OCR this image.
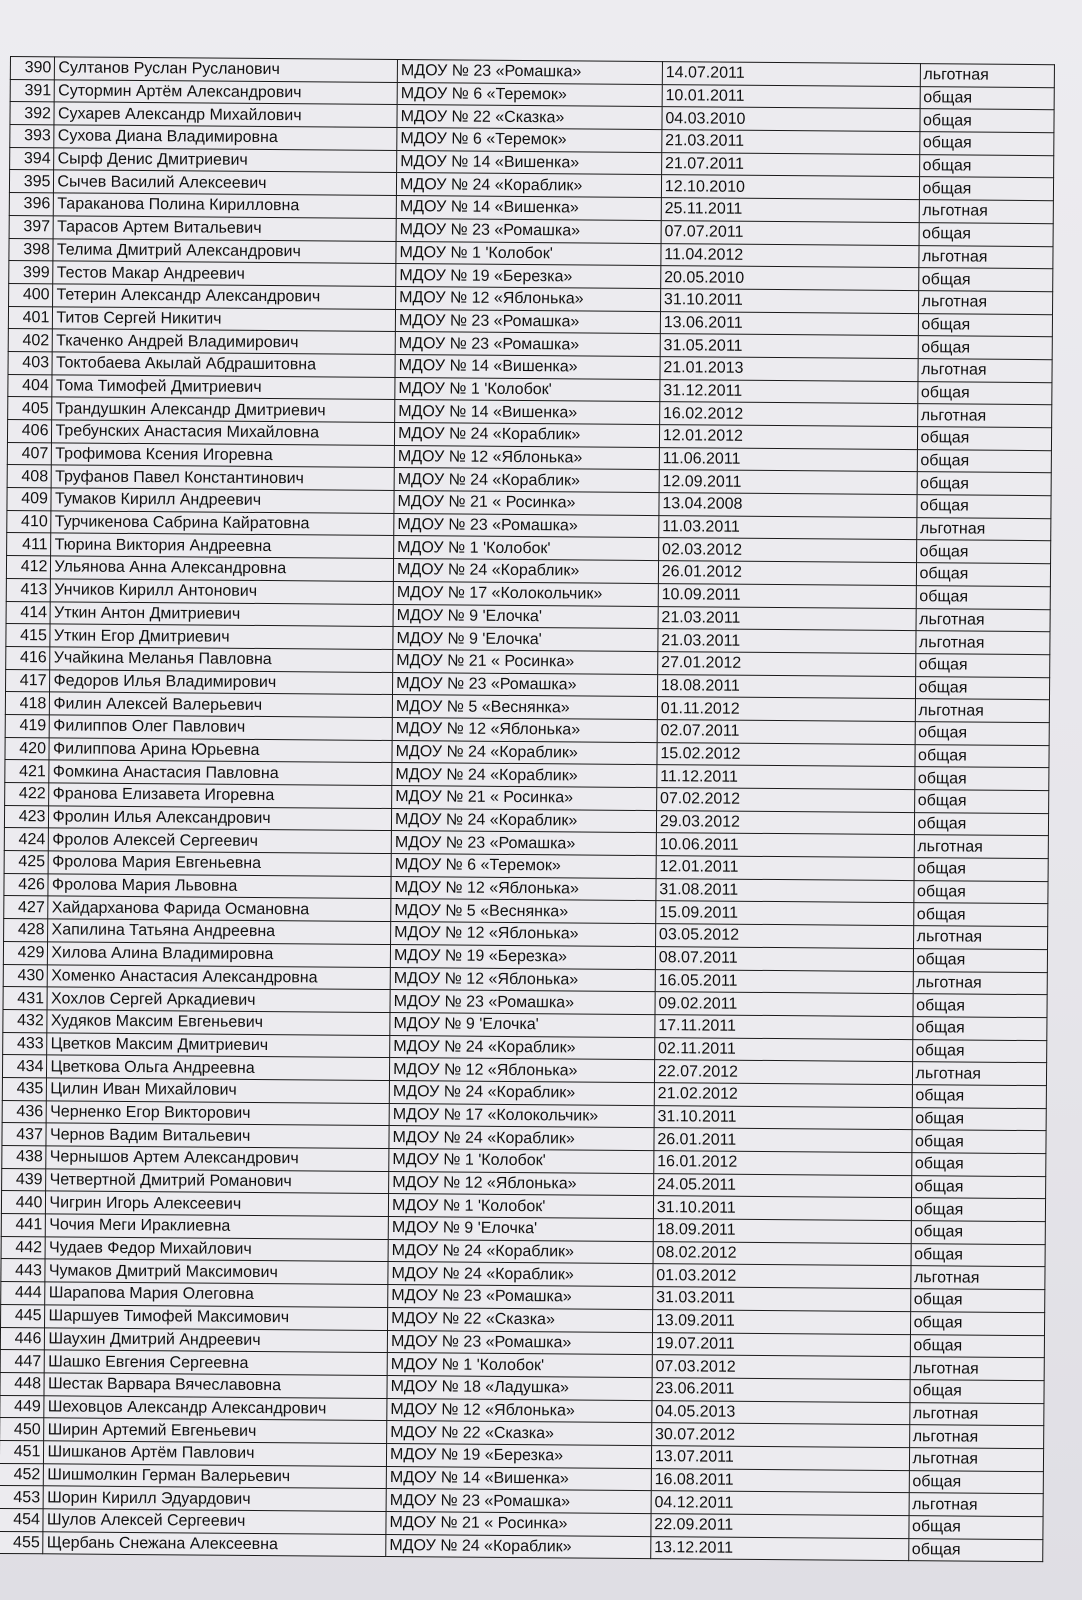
390	Султанов Руслан Русланович	МДОУ № 23 «Ромашка»	14.07.2011	льготная
391	Сутормин Артём Александрович	МДОУ № 6 «Теремок»	10.01.2011	общая
392	Сухарев Александр Михайлович	МДОУ № 22 «Сказка»	04.03.2010	общая
393	Сухова Диана Владимировна	МДОУ № 6 «Теремок»	21.03.2011	общая
394	Сырф Денис Дмитриевич	МДОУ № 14 «Вишенка»	21.07.2011	общая
395	Сычев Василий Алексеевич	МДОУ № 24 «Кораблик»	12.10.2010	общая
396	Тараканова Полина Кирилловна	МДОУ № 14 «Вишенка»	25.11.2011	льготная
397	Тарасов Артем Витальевич	МДОУ № 23 «Ромашка»	07.07.2011	общая
398	Телима Дмитрий Александрович	МДОУ № 1 'Колобок'	11.04.2012	льготная
399	Тестов Макар Андреевич	МДОУ № 19 «Березка»	20.05.2010	общая
400	Тетерин Александр Александрович	МДОУ № 12 «Яблонька»	31.10.2011	льготная
401	Титов Сергей Никитич	МДОУ № 23 «Ромашка»	13.06.2011	общая
402	Ткаченко Андрей Владимирович	МДОУ № 23 «Ромашка»	31.05.2011	общая
403	Токтобаева Акылай Абдрашитовна	МДОУ № 14 «Вишенка»	21.01.2013	льготная
404	Тома Тимофей Дмитриевич	МДОУ № 1 'Колобок'	31.12.2011	общая
405	Трандушкин Александр Дмитриевич	МДОУ № 14 «Вишенка»	16.02.2012	льготная
406	Требунских Анастасия Михайловна	МДОУ № 24 «Кораблик»	12.01.2012	общая
407	Трофимова Ксения Игоревна	МДОУ № 12 «Яблонька»	11.06.2011	общая
408	Труфанов Павел Константинович	МДОУ № 24 «Кораблик»	12.09.2011	общая
409	Тумаков Кирилл Андреевич	МДОУ № 21 « Росинка»	13.04.2008	общая
410	Турчикенова Сабрина Кайратовна	МДОУ № 23 «Ромашка»	11.03.2011	льготная
411	Тюрина Виктория Андреевна	МДОУ № 1 'Колобок'	02.03.2012	общая
412	Ульянова Анна Александровна	МДОУ № 24 «Кораблик»	26.01.2012	общая
413	Унчиков Кирилл Антонович	МДОУ № 17 «Колокольчик»	10.09.2011	общая
414	Уткин Антон Дмитриевич	МДОУ № 9 'Елочка'	21.03.2011	льготная
415	Уткин Егор Дмитриевич	МДОУ № 9 'Елочка'	21.03.2011	льготная
416	Учайкина Меланья Павловна	МДОУ № 21 « Росинка»	27.01.2012	общая
417	Федоров Илья Владимирович	МДОУ № 23 «Ромашка»	18.08.2011	общая
418	Филин Алексей Валерьевич	МДОУ № 5 «Веснянка»	01.11.2012	льготная
419	Филиппов Олег Павлович	МДОУ № 12 «Яблонька»	02.07.2011	общая
420	Филиппова Арина Юрьевна	МДОУ № 24 «Кораблик»	15.02.2012	общая
421	Фомкина Анастасия Павловна	МДОУ № 24 «Кораблик»	11.12.2011	общая
422	Франова Елизавета Игоревна	МДОУ № 21 « Росинка»	07.02.2012	общая
423	Фролин Илья Александрович	МДОУ № 24 «Кораблик»	29.03.2012	общая
424	Фролов Алексей Сергеевич	МДОУ № 23 «Ромашка»	10.06.2011	льготная
425	Фролова Мария Евгеньевна	МДОУ № 6 «Теремок»	12.01.2011	общая
426	Фролова Мария Львовна	МДОУ № 12 «Яблонька»	31.08.2011	общая
427	Хайдарханова Фарида Османовна	МДОУ № 5 «Веснянка»	15.09.2011	общая
428	Хапилина Татьяна Андреевна	МДОУ № 12 «Яблонька»	03.05.2012	льготная
429	Хилова Алина Владимировна	МДОУ № 19 «Березка»	08.07.2011	общая
430	Хоменко Анастасия Александровна	МДОУ № 12 «Яблонька»	16.05.2011	льготная
431	Хохлов Сергей Аркадиевич	МДОУ № 23 «Ромашка»	09.02.2011	общая
432	Худяков Максим Евгеньевич	МДОУ № 9 'Елочка'	17.11.2011	общая
433	Цветков Максим Дмитриевич	МДОУ № 24 «Кораблик»	02.11.2011	общая
434	Цветкова Ольга Андреевна	МДОУ № 12 «Яблонька»	22.07.2012	льготная
435	Цилин Иван Михайлович	МДОУ № 24 «Кораблик»	21.02.2012	общая
436	Черненко Егор Викторович	МДОУ № 17 «Колокольчик»	31.10.2011	общая
437	Чернов Вадим Витальевич	МДОУ № 24 «Кораблик»	26.01.2011	общая
438	Чернышов Артем Александрович	МДОУ № 1 'Колобок'	16.01.2012	общая
439	Четвертной Дмитрий Романович	МДОУ № 12 «Яблонька»	24.05.2011	общая
440	Чигрин Игорь Алексеевич	МДОУ № 1 'Колобок'	31.10.2011	общая
441	Чочия Меги Ираклиевна	МДОУ № 9 'Елочка'	18.09.2011	общая
442	Чудаев Федор Михайлович	МДОУ № 24 «Кораблик»	08.02.2012	общая
443	Чумаков Дмитрий Максимович	МДОУ № 24 «Кораблик»	01.03.2012	льготная
444	Шарапова Мария Олеговна	МДОУ № 23 «Ромашка»	31.03.2011	общая
445	Шаршуев Тимофей Максимович	МДОУ № 22 «Сказка»	13.09.2011	общая
446	Шаухин Дмитрий Андреевич	МДОУ № 23 «Ромашка»	19.07.2011	общая
447	Шашко Евгения Сергеевна	МДОУ № 1 'Колобок'	07.03.2012	льготная
448	Шестак Варвара Вячеславовна	МДОУ № 18 «Ладушка»	23.06.2011	общая
449	Шеховцов Александр Александрович	МДОУ № 12 «Яблонька»	04.05.2013	льготная
450	Ширин Артемий Евгеньевич	МДОУ № 22 «Сказка»	30.07.2012	льготная
451	Шишканов Артём Павлович	МДОУ № 19 «Березка»	13.07.2011	льготная
452	Шишмолкин Герман Валерьевич	МДОУ № 14 «Вишенка»	16.08.2011	общая
453	Шорин Кирилл Эдуардович	МДОУ № 23 «Ромашка»	04.12.2011	льготная
454	Шулов Алексей Сергеевич	МДОУ № 21 « Росинка»	22.09.2011	общая
455	Щербань Снежана Алексеевна	МДОУ № 24 «Кораблик»	13.12.2011	общая
